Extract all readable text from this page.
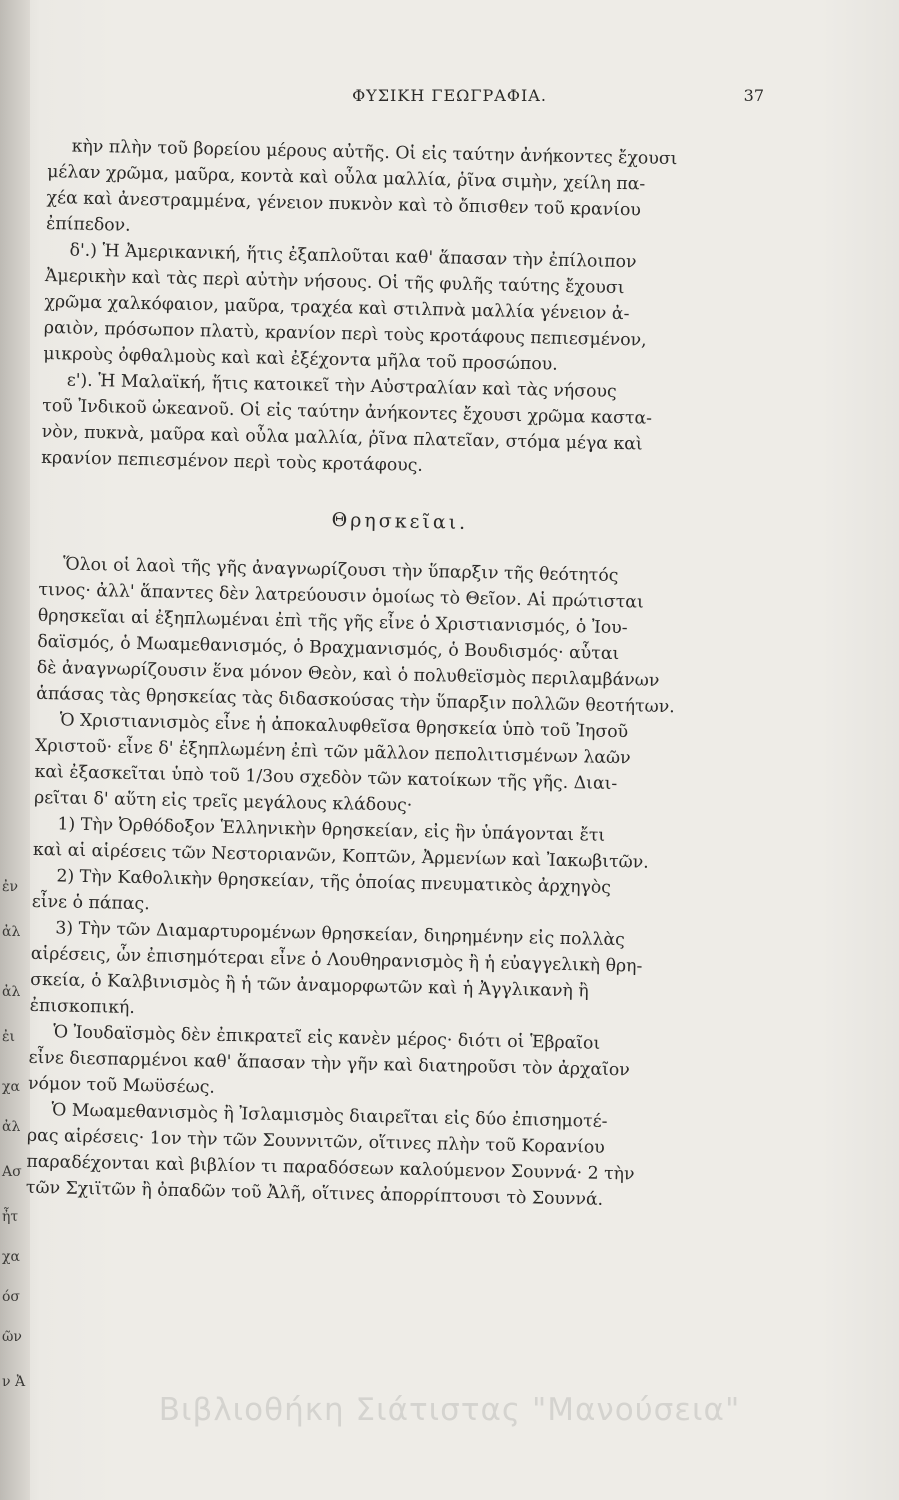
ΦΥΣΙΚΗ ΓΕΩΓΡΑΦΙΑ.	37
ἐν
ἀλ
ἀλ
ἐι
χα
ἀλ
Ασ
ἦτ
χα
όσ
ῶν
ν Ἀ
κὴν πλὴν τοῦ βορείου μέρους αὐτῆς. Οἱ εἰς ταύτην ἀνήκοντες ἔχουσι
μέλαν χρῶμα, μαῦρα, κοντὰ καὶ οὖλα μαλλία, ῥῖνα σιμὴν, χείλη πα-
χέα καὶ ἀνεστραμμένα, γένειον πυκνὸν καὶ τὸ ὄπισθεν τοῦ κρανίου
ἐπίπεδον.
δ'.) Ἡ Ἀμερικανική, ἥτις ἐξαπλοῦται καθ' ἅπασαν τὴν ἐπίλοιπον
Ἀμερικὴν καὶ τὰς περὶ αὐτὴν νήσους. Οἱ τῆς φυλῆς ταύτης ἔχουσι
χρῶμα χαλκόφαιον, μαῦρα, τραχέα καὶ στιλπνὰ μαλλία γένειον ἀ-
ραιὸν, πρόσωπον πλατὺ, κρανίον περὶ τοὺς κροτάφους πεπιεσμένον,
μικροὺς ὀφθαλμοὺς καὶ καὶ ἐξέχοντα μῆλα τοῦ προσώπου.
ε'). Ἡ Μαλαϊκή, ἥτις κατοικεῖ τὴν Αὐστραλίαν καὶ τὰς νήσους
τοῦ Ἰνδικοῦ ὠκεανοῦ. Οἱ εἰς ταύτην ἀνήκοντες ἔχουσι χρῶμα καστα-
νὸν, πυκνὰ, μαῦρα καὶ οὖλα μαλλία, ῥῖνα πλατεῖαν, στόμα μέγα καὶ
κρανίον πεπιεσμένον περὶ τοὺς κροτάφους.
Θρησκεῖαι.
Ὅλοι οἱ λαοὶ τῆς γῆς ἀναγνωρίζουσι τὴν ὕπαρξιν τῆς θεότητός
τινος· ἀλλ' ἅπαντες δὲν λατρεύουσιν ὁμοίως τὸ Θεῖον. Αἱ πρώτισται
θρησκεῖαι αἱ ἐξηπλωμέναι ἐπὶ τῆς γῆς εἶνε ὁ Χριστιανισμός, ὁ Ἰου-
δαϊσμός, ὁ Μωαμεθανισμός, ὁ Βραχμανισμός, ὁ Βουδισμός· αὗται
δὲ ἀναγνωρίζουσιν ἕνα μόνον Θεὸν, καὶ ὁ πολυθεϊσμὸς περιλαμβάνων
ἁπάσας τὰς θρησκείας τὰς διδασκούσας τὴν ὕπαρξιν πολλῶν θεοτήτων.
Ὁ Χριστιανισμὸς εἶνε ἡ ἀποκαλυφθεῖσα θρησκεία ὑπὸ τοῦ Ἰησοῦ
Χριστοῦ· εἶνε δ' ἐξηπλωμένη ἐπὶ τῶν μᾶλλον πεπολιτισμένων λαῶν
καὶ ἐξασκεῖται ὑπὸ τοῦ 1/3ου σχεδὸν τῶν κατοίκων τῆς γῆς. Διαι-
ρεῖται δ' αὕτη εἰς τρεῖς μεγάλους κλάδους·
1) Τὴν Ὀρθόδοξον Ἑλληνικὴν θρησκείαν, εἰς ἣν ὑπάγονται ἔτι
καὶ αἱ αἱρέσεις τῶν Νεστοριανῶν, Κοπτῶν, Ἀρμενίων καὶ Ἰακωβιτῶν.
2) Τὴν Καθολικὴν θρησκείαν, τῆς ὁποίας πνευματικὸς ἀρχηγὸς
εἶνε ὁ πάπας.
3) Τὴν τῶν Διαμαρτυρομένων θρησκείαν, διηρημένην εἰς πολλὰς
αἱρέσεις, ὧν ἐπισημότεραι εἶνε ὁ Λουθηρανισμὸς ἢ ἡ εὐαγγελικὴ θρη-
σκεία, ὁ Καλβινισμὸς ἢ ἡ τῶν ἀναμορφωτῶν καὶ ἡ Ἀγγλικανὴ ἢ
ἐπισκοπική.
Ὁ Ἰουδαϊσμὸς δὲν ἐπικρατεῖ εἰς κανὲν μέρος· διότι οἱ Ἑβραῖοι
εἶνε διεσπαρμένοι καθ' ἅπασαν τὴν γῆν καὶ διατηροῦσι τὸν ἀρχαῖον
νόμον τοῦ Μωϋσέως.
Ὁ Μωαμεθανισμὸς ἢ Ἰσλαμισμὸς διαιρεῖται εἰς δύο ἐπισημοτέ-
ρας αἱρέσεις· 1ον τὴν τῶν Σουννιτῶν, οἵτινες πλὴν τοῦ Κορανίου
παραδέχονται καὶ βιβλίον τι παραδόσεων καλούμενον Σουννά· 2 τὴν
τῶν Σχιϊτῶν ἢ ὀπαδῶν τοῦ Ἀλῆ, οἵτινες ἀπορρίπτουσι τὸ Σουννά.
Βιβλιοθήκη Σιάτιστας "Μανούσεια"
